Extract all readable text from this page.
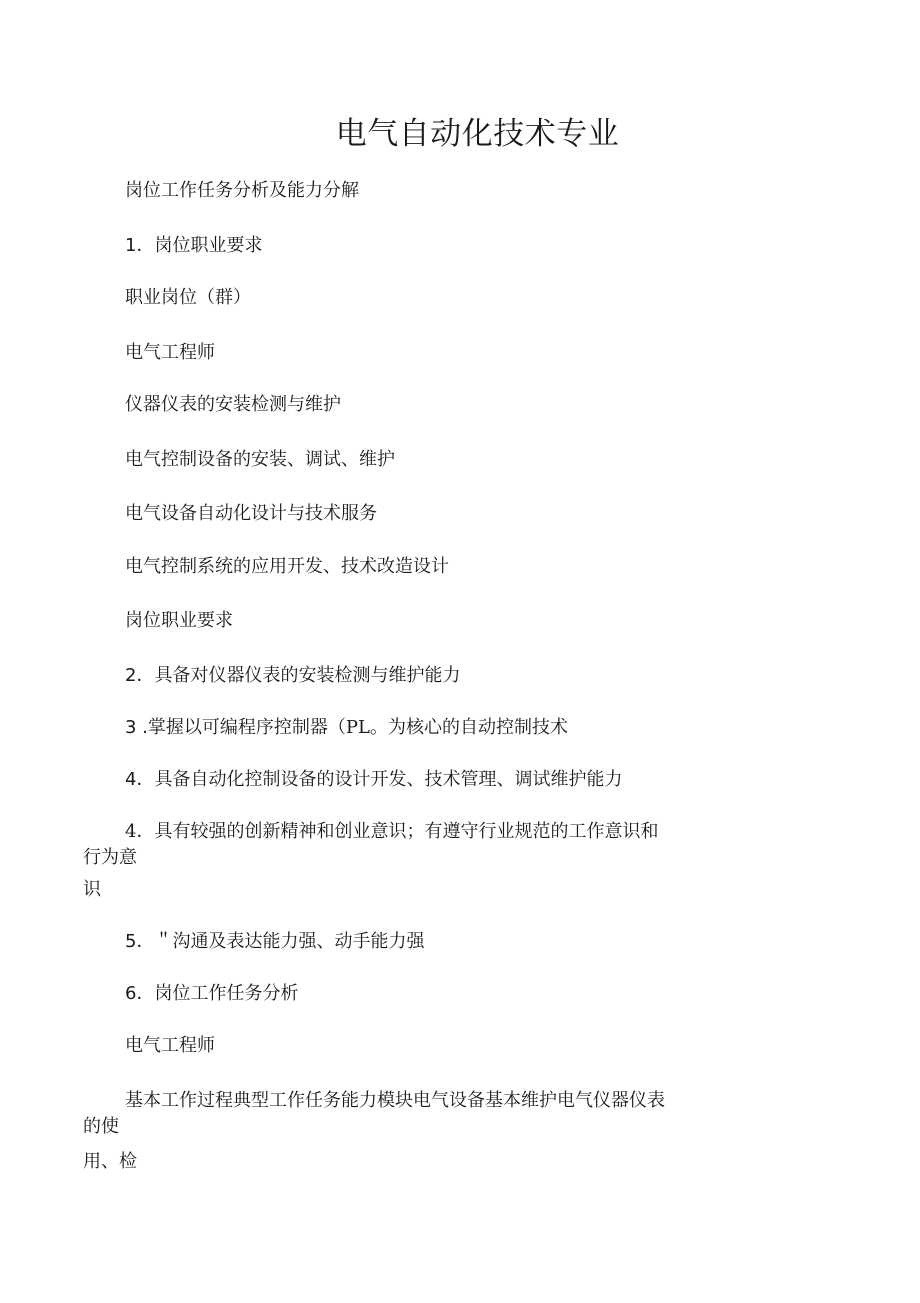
电气自动化技术专业
岗位工作任务分析及能力分解
1．岗位职业要求
职业岗位（群）
电气工程师
仪器仪表的安装检测与维护
电气控制设备的安装、调试、维护
电气设备自动化设计与技术服务
电气控制系统的应用开发、技术改造设计
岗位职业要求
2．具备对仪器仪表的安装检测与维护能力
3 .掌握以可编程序控制器（PL。为核心的自动控制技术
4．具备自动化控制设备的设计开发、技术管理、调试维护能力
4．具有较强的创新精神和创业意识；有遵守行业规范的工作意识和行为意
识
5．＂沟通及表达能力强、动手能力强
6．岗位工作任务分析
电气工程师
基本工作过程典型工作任务能力模块电气设备基本维护电气仪器仪表的使
用、检
